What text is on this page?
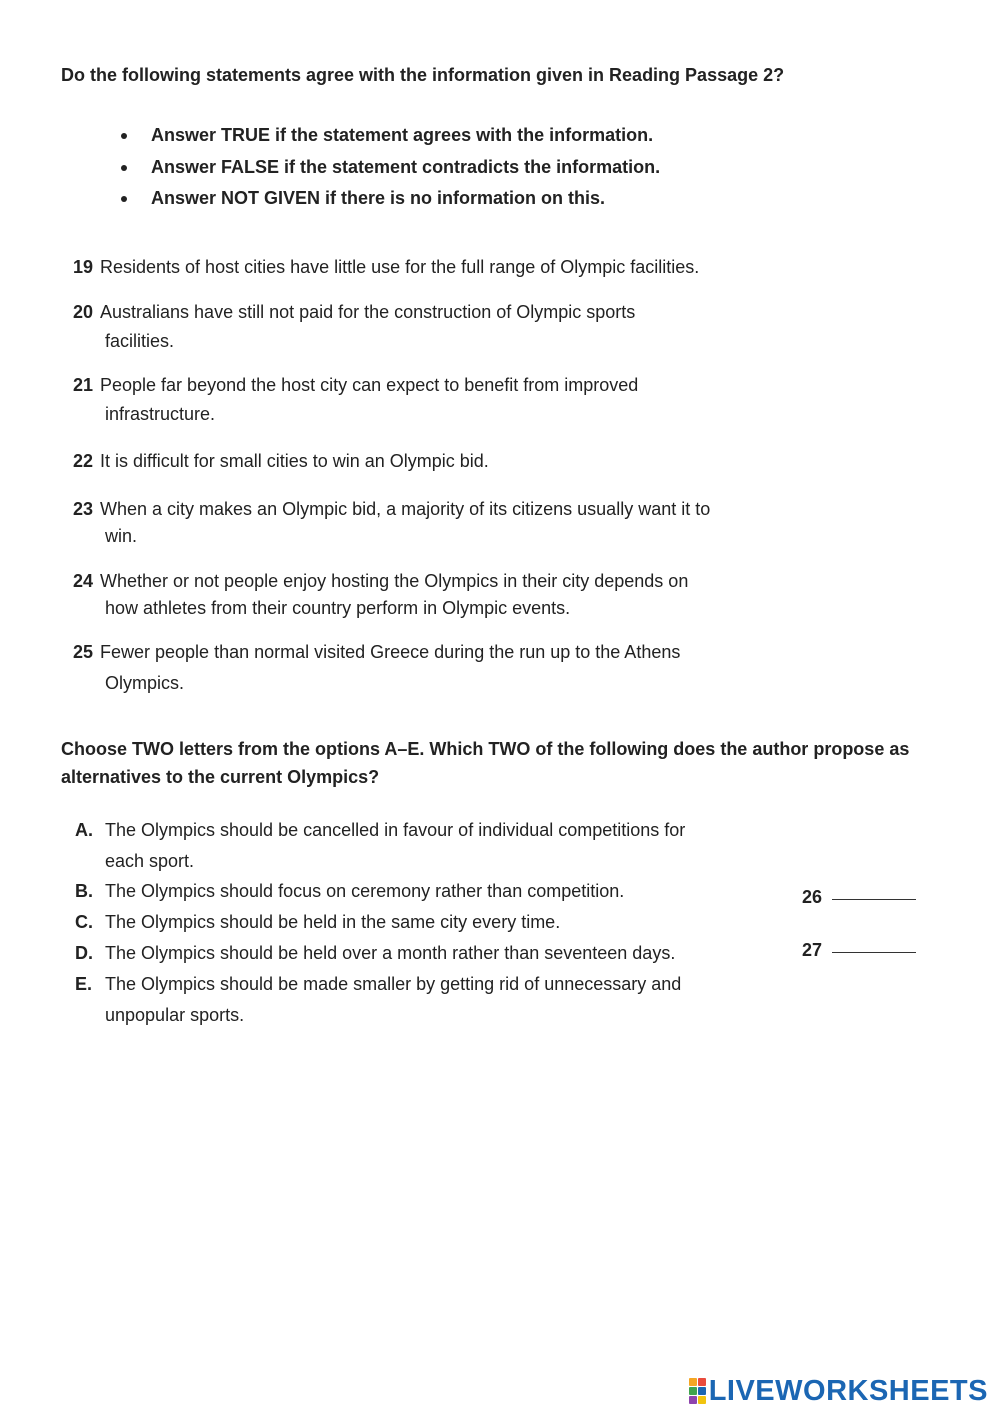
Do the following statements agree with the information given in Reading Passage 2?
Answer TRUE if the statement agrees with the information.
Answer FALSE if the statement contradicts the information.
Answer NOT GIVEN if there is no information on this.
19 Residents of host cities have little use for the full range of Olympic facilities.
20 Australians have still not paid for the construction of Olympic sports
facilities.
21 People far beyond the host city can expect to benefit from improved
infrastructure.
22 It is difficult for small cities to win an Olympic bid.
23 When a city makes an Olympic bid, a majority of its citizens usually want it to
win.
24 Whether or not people enjoy hosting the Olympics in their city depends on
how athletes from their country perform in Olympic events.
25 Fewer people than normal visited Greece during the run up to the Athens
Olympics.
Choose TWO letters from the options A–E. Which TWO of the following does the author propose as alternatives to the current Olympics?
A. The Olympics should be cancelled in favour of individual competitions for
each sport.
B. The Olympics should focus on ceremony rather than competition.
C. The Olympics should be held in the same city every time.
D. The Olympics should be held over a month rather than seventeen days.
E. The Olympics should be made smaller by getting rid of unnecessary and
unpopular sports.
26
27
LIVEWORKSHEETS
